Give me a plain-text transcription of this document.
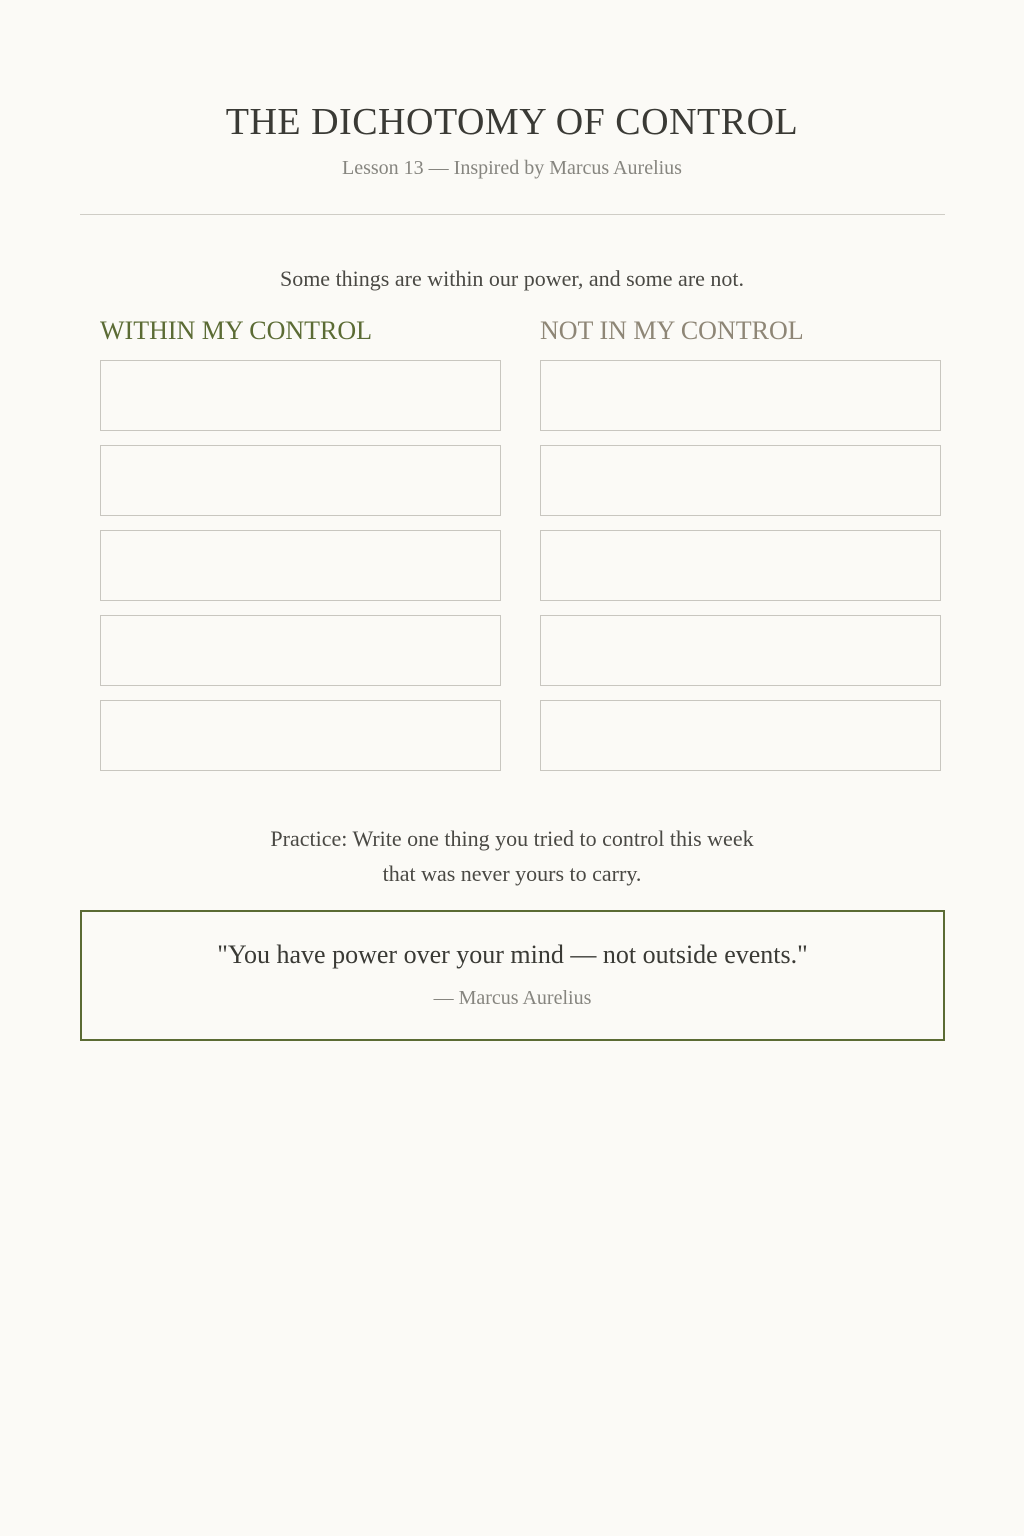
THE DICHOTOMY OF CONTROL
Lesson 13 — Inspired by Marcus Aurelius
Some things are within our power, and some are not.
WITHIN MY CONTROL	NOT IN MY CONTROL
Practice: Write one thing you tried to control this week
that was never yours to carry.
"You have power over your mind — not outside events."
— Marcus Aurelius
